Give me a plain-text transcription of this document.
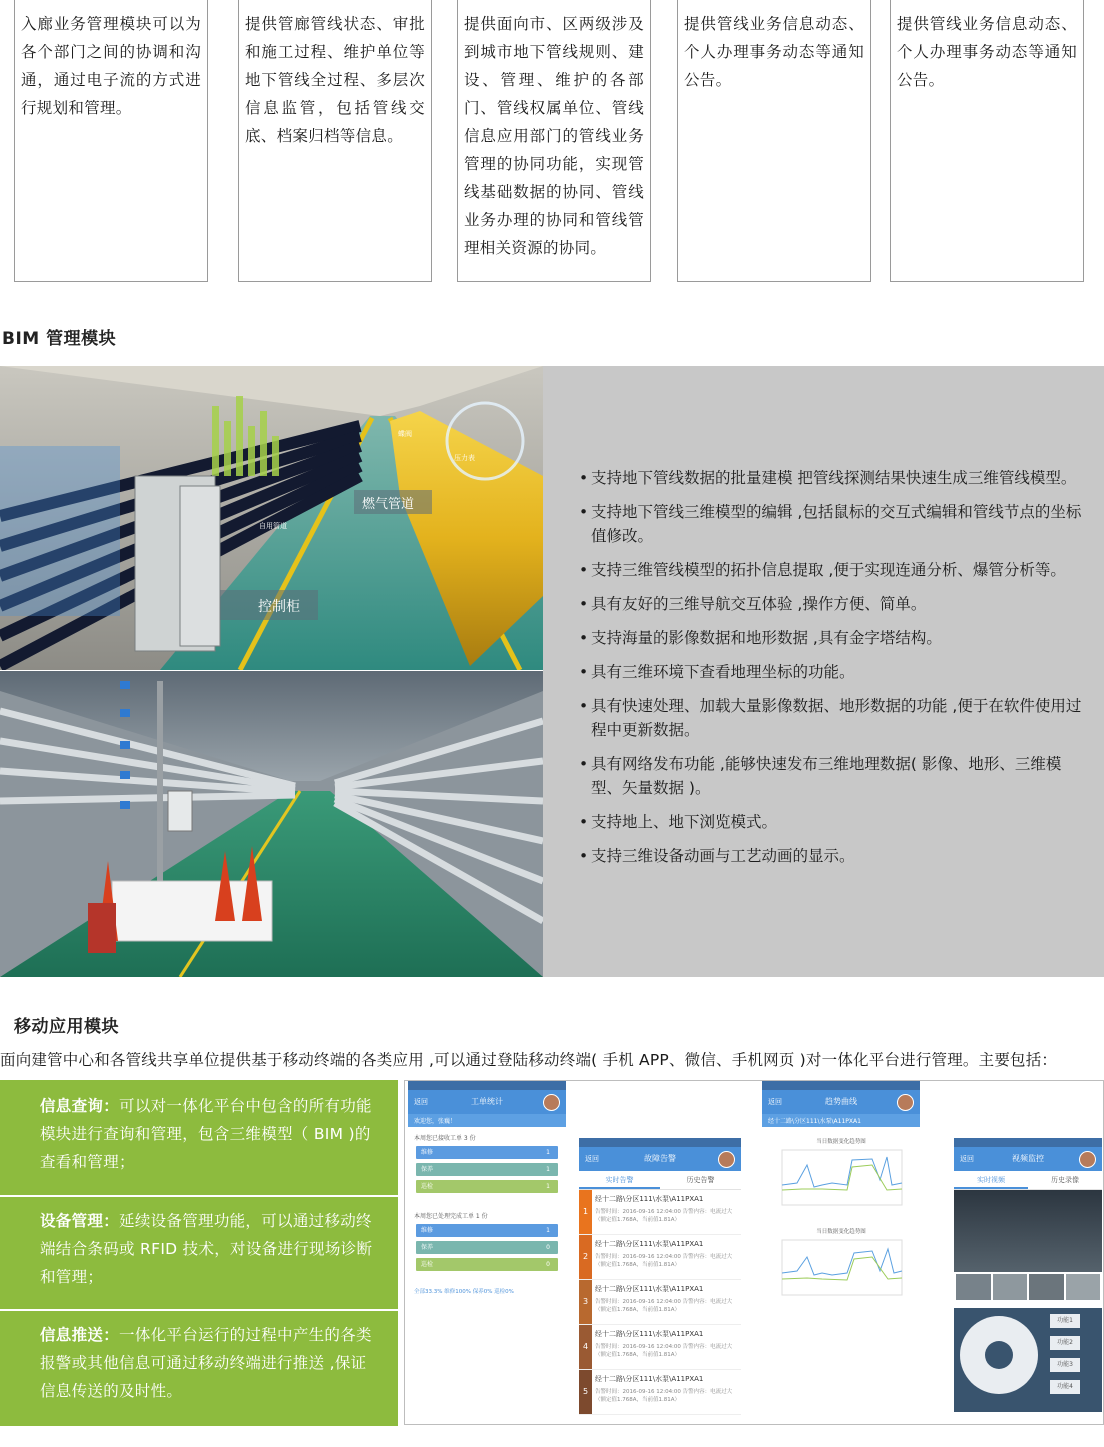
入廊业务管理模块可以为各个部门之间的协调和沟通，通过电子流的方式进行规划和管理。
提供管廊管线状态、审批和施工过程、维护单位等地下管线全过程、多层次信息监管，包括管线交底、档案归档等信息。
提供面向市、区两级涉及到城市地下管线规则、建设、管理、维护的各部门、管线权属单位、管线信息应用部门的管线业务管理的协同功能，实现管线基础数据的协同、管线业务办理的协同和管线管理相关资源的协同。
提供管线业务信息动态、个人办理事务动态等通知公告。
提供管线业务信息动态、个人办理事务动态等通知公告。
BIM 管理模块
燃气管道
控制柜
自用管道
压力表
蝶阀
• 支持地下管线数据的批量建模 把管线探测结果快速生成三维管线模型。
• 支持地下管线三维模型的编辑 ,包括鼠标的交互式编辑和管线节点的坐标值修改。
• 支持三维管线模型的拓扑信息提取 ,便于实现连通分析、爆管分析等。
• 具有友好的三维导航交互体验 ,操作方便、简单。
• 支持海量的影像数据和地形数据 ,具有金字塔结构。
• 具有三维环境下查看地理坐标的功能。
• 具有快速处理、加载大量影像数据、地形数据的功能 ,便于在软件使用过程中更新数据。
• 具有网络发布功能 ,能够快速发布三维地理数据( 影像、地形、三维模型、矢量数据 )。
• 支持地上、地下浏览模式。
• 支持三维设备动画与工艺动画的显示。
移动应用模块
面向建管中心和各管线共享单位提供基于移动终端的各类应用 ,可以通过登陆移动终端( 手机 APP、微信、手机网页 )对一体化平台进行管理。主要包括：
信息查询：可以对一体化平台中包含的所有功能模块进行查询和管理，包含三维模型（ BIM )的查看和管理；
设备管理：延续设备管理功能，可以通过移动终端结合条码或 RFID 技术，对设备进行现场诊断和管理；
信息推送：一体化平台运行的过程中产生的各类报警或其他信息可通过移动终端进行推送 ,保证信息传送的及时性。
返回	工单统计
欢迎您，张巍！
本周您已接收工单 3 份
维修	1
保养	1
巡检	1
本周您已处理完成工单 1 份
维修	1
保养	0
巡检	0
全部33.3% 维修100% 保养0% 巡检0%
返回	故障告警
实时告警	历史告警
1
经十二路\分区111\水泵\A11PXA1
告警时间：2016-09-16 12:04:00 告警内容：电流过大（额定值1.768A，当前值1.81A）
2
经十二路\分区111\水泵\A11PXA1
告警时间：2016-09-16 12:04:00 告警内容：电流过大（额定值1.768A，当前值1.81A）
3
经十二路\分区111\水泵\A11PXA1
告警时间：2016-09-16 12:04:00 告警内容：电流过大（额定值1.768A，当前值1.81A）
4
经十二路\分区111\水泵\A11PXA1
告警时间：2016-09-16 12:04:00 告警内容：电流过大（额定值1.768A，当前值1.81A）
5
经十二路\分区111\水泵\A11PXA1
告警时间：2016-09-16 12:04:00 告警内容：电流过大（额定值1.768A，当前值1.81A）
返回	趋势曲线
经十二路\分区111\水泵\A11PXA1
当日数据变化趋势图
当日数据变化趋势图
返回	视频监控
实时视频	历史录像
功能1
功能2
功能3
功能4
